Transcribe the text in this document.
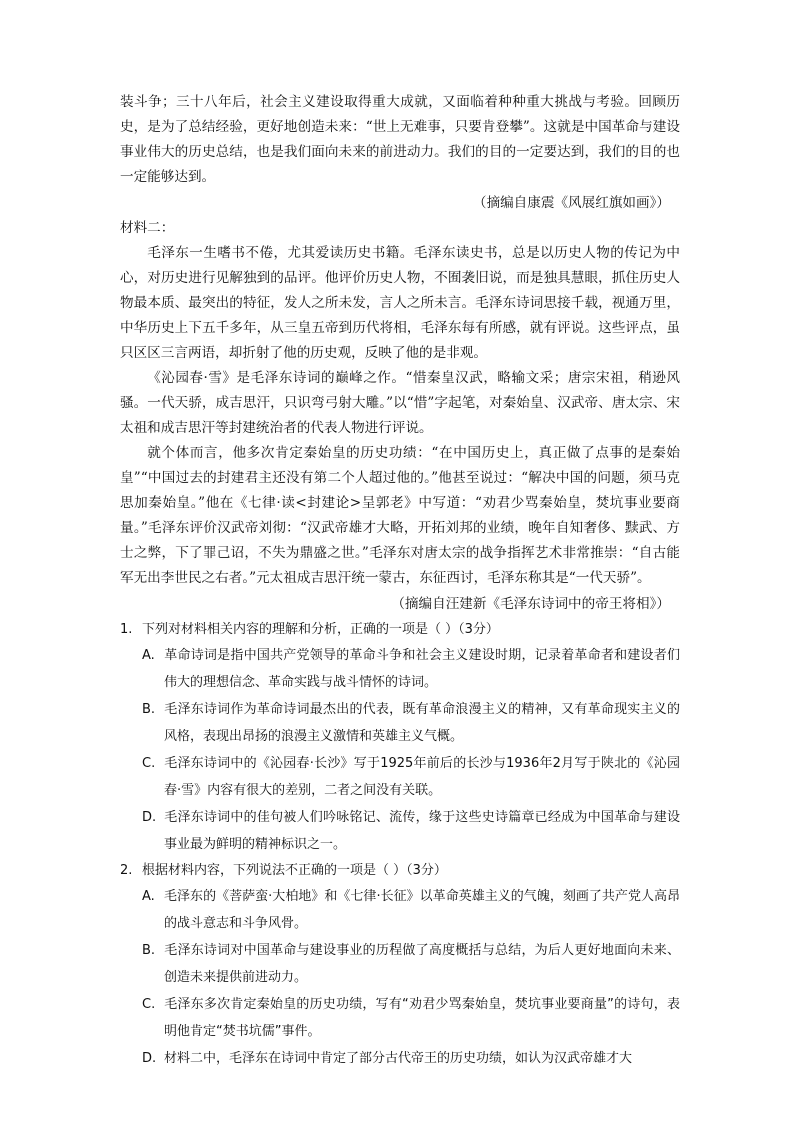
装斗争；三十八年后，社会主义建设取得重大成就，又面临着种种重大挑战与考验。回顾历史，是为了总结经验，更好地创造未来：“世上无难事，只要肯登攀”。这就是中国革命与建设事业伟大的历史总结，也是我们面向未来的前进动力。我们的目的一定要达到，我们的目的也一定能够达到。

（摘编自康震《风展红旗如画》）

材料二：

毛泽东一生嗜书不倦，尤其爱读历史书籍。毛泽东读史书，总是以历史人物的传记为中心，对历史进行见解独到的品评。他评价历史人物，不囿袭旧说，而是独具慧眼，抓住历史人物最本质、最突出的特征，发人之所未发，言人之所未言。毛泽东诗词思接千载，视通万里，中华历史上下五千多年，从三皇五帝到历代将相，毛泽东每有所感，就有评说。这些评点，虽只区区三言两语，却折射了他的历史观，反映了他的是非观。

《沁园春·雪》是毛泽东诗词的巅峰之作。“惜秦皇汉武，略输文采；唐宗宋祖，稍逊风骚。一代天骄，成吉思汗，只识弯弓射大雕。”以“惜”字起笔，对秦始皇、汉武帝、唐太宗、宋太祖和成吉思汗等封建统治者的代表人物进行评说。

就个体而言，他多次肯定秦始皇的历史功绩：“在中国历史上，真正做了点事的是秦始皇”“中国过去的封建君主还没有第二个人超过他的。”他甚至说过：“解决中国的问题，须马克思加秦始皇。”他在《七律·读<封建论>呈郭老》中写道：“劝君少骂秦始皇，焚坑事业要商量。”毛泽东评价汉武帝刘彻：“汉武帝雄才大略，开拓刘邦的业绩，晚年自知奢侈、黩武、方士之弊，下了罪己诏，不失为鼎盛之世。”毛泽东对唐太宗的战争指挥艺术非常推崇：“自古能军无出李世民之右者。”元太祖成吉思汗统一蒙古，东征西讨，毛泽东称其是“一代天骄”。

（摘编自汪建新《毛泽东诗词中的帝王将相》）

1. 下列对材料相关内容的理解和分析，正确的一项是（ ）（3分）

A. 革命诗词是指中国共产党领导的革命斗争和社会主义建设时期，记录着革命者和建设者们伟大的理想信念、革命实践与战斗情怀的诗词。

B. 毛泽东诗词作为革命诗词最杰出的代表，既有革命浪漫主义的精神，又有革命现实主义的风格，表现出昂扬的浪漫主义激情和英雄主义气概。

C. 毛泽东诗词中的《沁园春·长沙》写于1925年前后的长沙与1936年2月写于陕北的《沁园春·雪》内容有很大的差别，二者之间没有关联。

D. 毛泽东诗词中的佳句被人们吟咏铭记、流传，缘于这些史诗篇章已经成为中国革命与建设事业最为鲜明的精神标识之一。

2. 根据材料内容，下列说法不正确的一项是（ ）（3分）

A. 毛泽东的《菩萨蛮·大柏地》和《七律·长征》以革命英雄主义的气魄，刻画了共产党人高昂的战斗意志和斗争风骨。

B. 毛泽东诗词对中国革命与建设事业的历程做了高度概括与总结，为后人更好地面向未来、创造未来提供前进动力。

C. 毛泽东多次肯定秦始皇的历史功绩，写有“劝君少骂秦始皇，焚坑事业要商量”的诗句，表明他肯定“焚书坑儒”事件。

D. 材料二中，毛泽东在诗词中肯定了部分古代帝王的历史功绩，如认为汉武帝雄才大
